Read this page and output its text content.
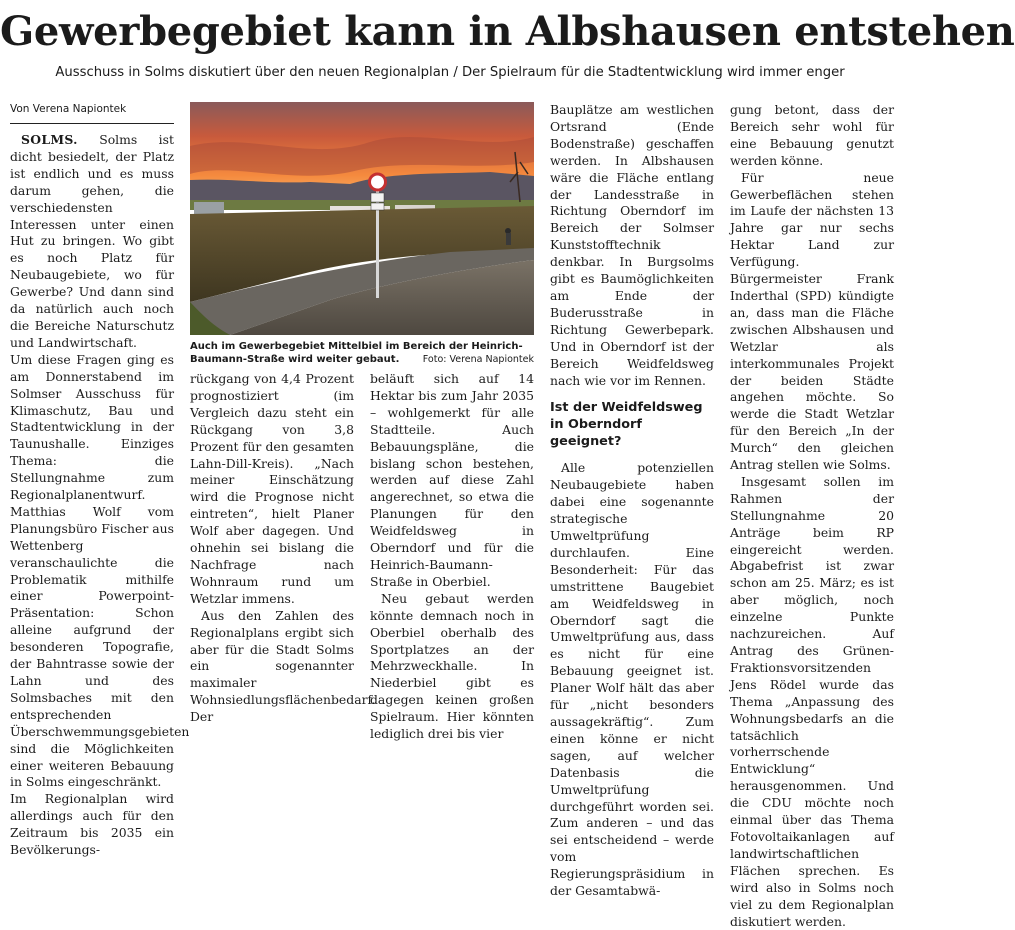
Gewerbegebiet kann in Albshausen entstehen
Ausschuss in Solms diskutiert über den neuen Regionalplan / Der Spielraum für die Stadtentwicklung wird immer enger
Von Verena Napiontek

SOLMS. Solms ist dicht besiedelt, der Platz ist endlich und es muss darum gehen, die verschiedensten Interessen unter einen Hut zu bringen. Wo gibt es noch Platz für Neubaugebiete, wo für Gewerbe? Und dann sind da natürlich auch noch die Bereiche Naturschutz und Landwirtschaft.

Um diese Fragen ging es am Donnerstabend im Solmser Ausschuss für Klimaschutz, Bau und Stadtentwicklung in der Taunushalle. Einziges Thema: die Stellungnahme zum Regionalplanentwurf.

Matthias Wolf vom Planungsbüro Fischer aus Wettenberg veranschaulichte die Problematik mithilfe einer Powerpoint-Präsentation: Schon alleine aufgrund der besonderen Topografie, der Bahntrasse sowie der Lahn und des Solmsbaches mit den entsprechenden Überschwemmungsgebieten sind die Möglichkeiten einer weiteren Bebauung in Solms eingeschränkt.

Im Regionalplan wird allerdings auch für den Zeitraum bis 2035 ein Bevölkerungs-

Auch im Gewerbegebiet Mittelbiel im Bereich der Heinrich-Baumann-Straße wird weiter gebaut. Foto: Verena Napiontek

rückgang von 4,4 Prozent prognostiziert (im Vergleich dazu steht ein Rückgang von 3,8 Prozent für den gesamten Lahn-Dill-Kreis). „Nach meiner Einschätzung wird die Prognose nicht eintreten“, hielt Planer Wolf aber dagegen. Und ohnehin sei bislang die Nachfrage nach Wohnraum rund um Wetzlar immens.

Aus den Zahlen des Regionalplans ergibt sich aber für die Stadt Solms ein sogenannter maximaler Wohnsiedlungsflächenbedarf. Der

beläuft sich auf 14 Hektar bis zum Jahr 2035 – wohlgemerkt für alle Stadtteile. Auch Bebauungspläne, die bislang schon bestehen, werden auf diese Zahl angerechnet, so etwa die Planungen für den Weidfeldsweg in Oberndorf und für die Heinrich-Baumann-Straße in Oberbiel.

Neu gebaut werden könnte demnach noch in Oberbiel oberhalb des Sportplatzes an der Mehrzweckhalle. In Niederbiel gibt es dagegen keinen großen Spielraum. Hier könnten lediglich drei bis vier

Bauplätze am westlichen Ortsrand (Ende Bodenstraße) geschaffen werden. In Albshausen wäre die Fläche entlang der Landesstraße in Richtung Oberndorf im Bereich der Solmser Kunststofftechnik denkbar. In Burgsolms gibt es Baumöglichkeiten am Ende der Buderusstraße in Richtung Gewerbepark. Und in Oberndorf ist der Bereich Weidfeldsweg nach wie vor im Rennen.

Ist der Weidfeldsweg in Oberndorf geeignet?

Alle potenziellen Neubaugebiete haben dabei eine sogenannte strategische Umweltprüfung durchlaufen. Eine Besonderheit: Für das umstrittene Baugebiet am Weidfeldsweg in Oberndorf sagt die Umweltprüfung aus, dass es nicht für eine Bebauung geeignet ist. Planer Wolf hält das aber für „nicht besonders aussagekräftig“. Zum einen könne er nicht sagen, auf welcher Datenbasis die Umweltprüfung durchgeführt worden sei. Zum anderen – und das sei entscheidend – werde vom Regierungspräsidium in der Gesamtabwä-

gung betont, dass der Bereich sehr wohl für eine Bebauung genutzt werden könne.

Für neue Gewerbeflächen stehen im Laufe der nächsten 13 Jahre gar nur sechs Hektar Land zur Verfügung. Bürgermeister Frank Inderthal (SPD) kündigte an, dass man die Fläche zwischen Albshausen und Wetzlar als interkommunales Projekt der beiden Städte angehen möchte. So werde die Stadt Wetzlar für den Bereich „In der Murch“ den gleichen Antrag stellen wie Solms.

Insgesamt sollen im Rahmen der Stellungnahme 20 Anträge beim RP eingereicht werden. Abgabefrist ist zwar schon am 25. März; es ist aber möglich, noch einzelne Punkte nachzureichen. Auf Antrag des Grünen-Fraktionsvorsitzenden Jens Rödel wurde das Thema „Anpassung des Wohnungsbedarfs an die tatsächlich vorherrschende Entwicklung“ herausgenommen. Und die CDU möchte noch einmal über das Thema Fotovoltaikanlagen auf landwirtschaftlichen Flächen sprechen. Es wird also in Solms noch viel zu dem Regionalplan diskutiert werden.
